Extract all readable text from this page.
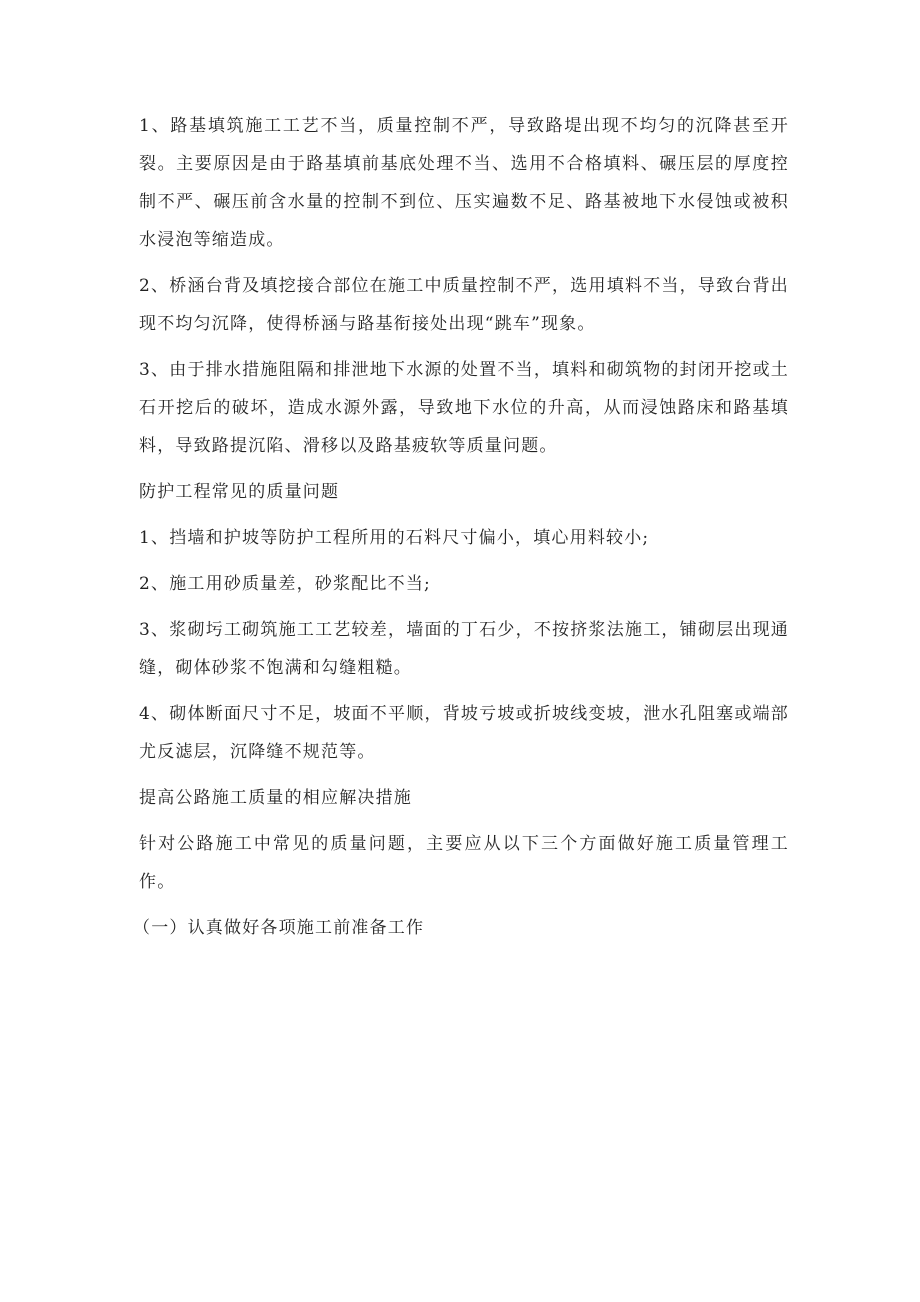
1、路基填筑施工工艺不当，质量控制不严，导致路堤出现不均匀的沉降甚至开裂。主要原因是由于路基填前基底处理不当、选用不合格填料、碾压层的厚度控制不严、碾压前含水量的控制不到位、压实遍数不足、路基被地下水侵蚀或被积水浸泡等缩造成。

2、桥涵台背及填挖接合部位在施工中质量控制不严，选用填料不当，导致台背出现不均匀沉降，使得桥涵与路基衔接处出现“跳车”现象。

3、由于排水措施阻隔和排泄地下水源的处置不当，填料和砌筑物的封闭开挖或土石开挖后的破坏，造成水源外露，导致地下水位的升高，从而浸蚀路床和路基填料，导致路提沉陷、滑移以及路基疲软等质量问题。

防护工程常见的质量问题

1、挡墙和护坡等防护工程所用的石料尺寸偏小，填心用料较小;

2、施工用砂质量差，砂浆配比不当;

3、浆砌圬工砌筑施工工艺较差，墙面的丁石少，不按挤浆法施工，铺砌层出现通缝，砌体砂浆不饱满和勾缝粗糙。

4、砌体断面尺寸不足，坡面不平顺，背坡亏坡或折坡线变坡，泄水孔阻塞或端部尤反滤层，沉降缝不规范等。

提高公路施工质量的相应解决措施

针对公路施工中常见的质量问题，主要应从以下三个方面做好施工质量管理工作。

（一）认真做好各项施工前准备工作
